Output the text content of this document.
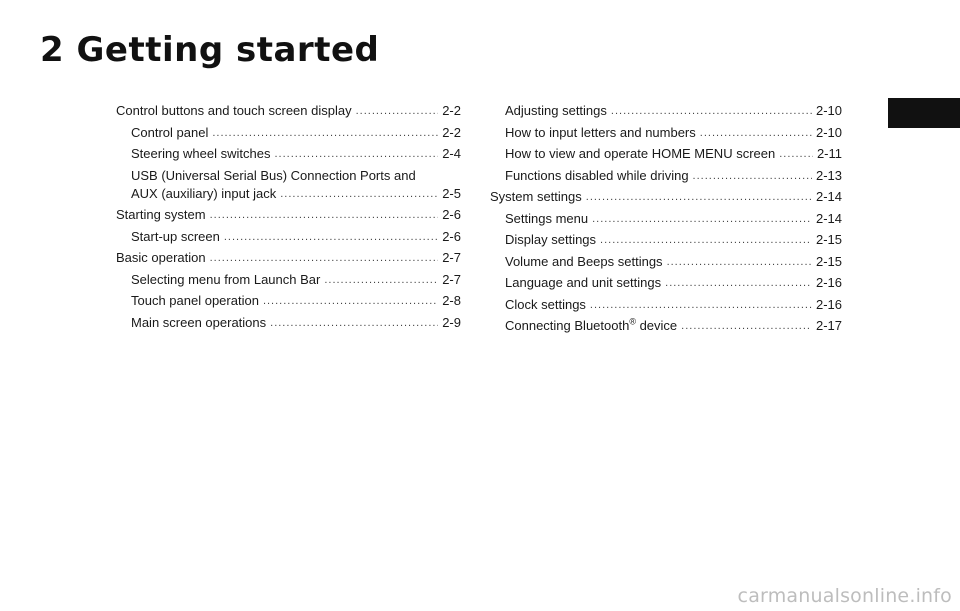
2 Getting started
Control buttons and touch screen display .....	2-2
Control panel .....	2-2
Steering wheel switches .....	2-4
USB (Universal Serial Bus) Connection Ports and
AUX (auxiliary) input jack .....	2-5
Starting system .....	2-6
Start-up screen .....	2-6
Basic operation .....	2-7
Selecting menu from Launch Bar .....	2-7
Touch panel operation .....	2-8
Main screen operations .....	2-9
Adjusting settings .....	2-10
How to input letters and numbers .....	2-10
How to view and operate HOME MENU screen .....	2-11
Functions disabled while driving .....	2-13
System settings .....	2-14
Settings menu .....	2-14
Display settings .....	2-15
Volume and Beeps settings .....	2-15
Language and unit settings .....	2-16
Clock settings .....	2-16
Connecting Bluetooth® device .....	2-17
carmanualsonline.info
